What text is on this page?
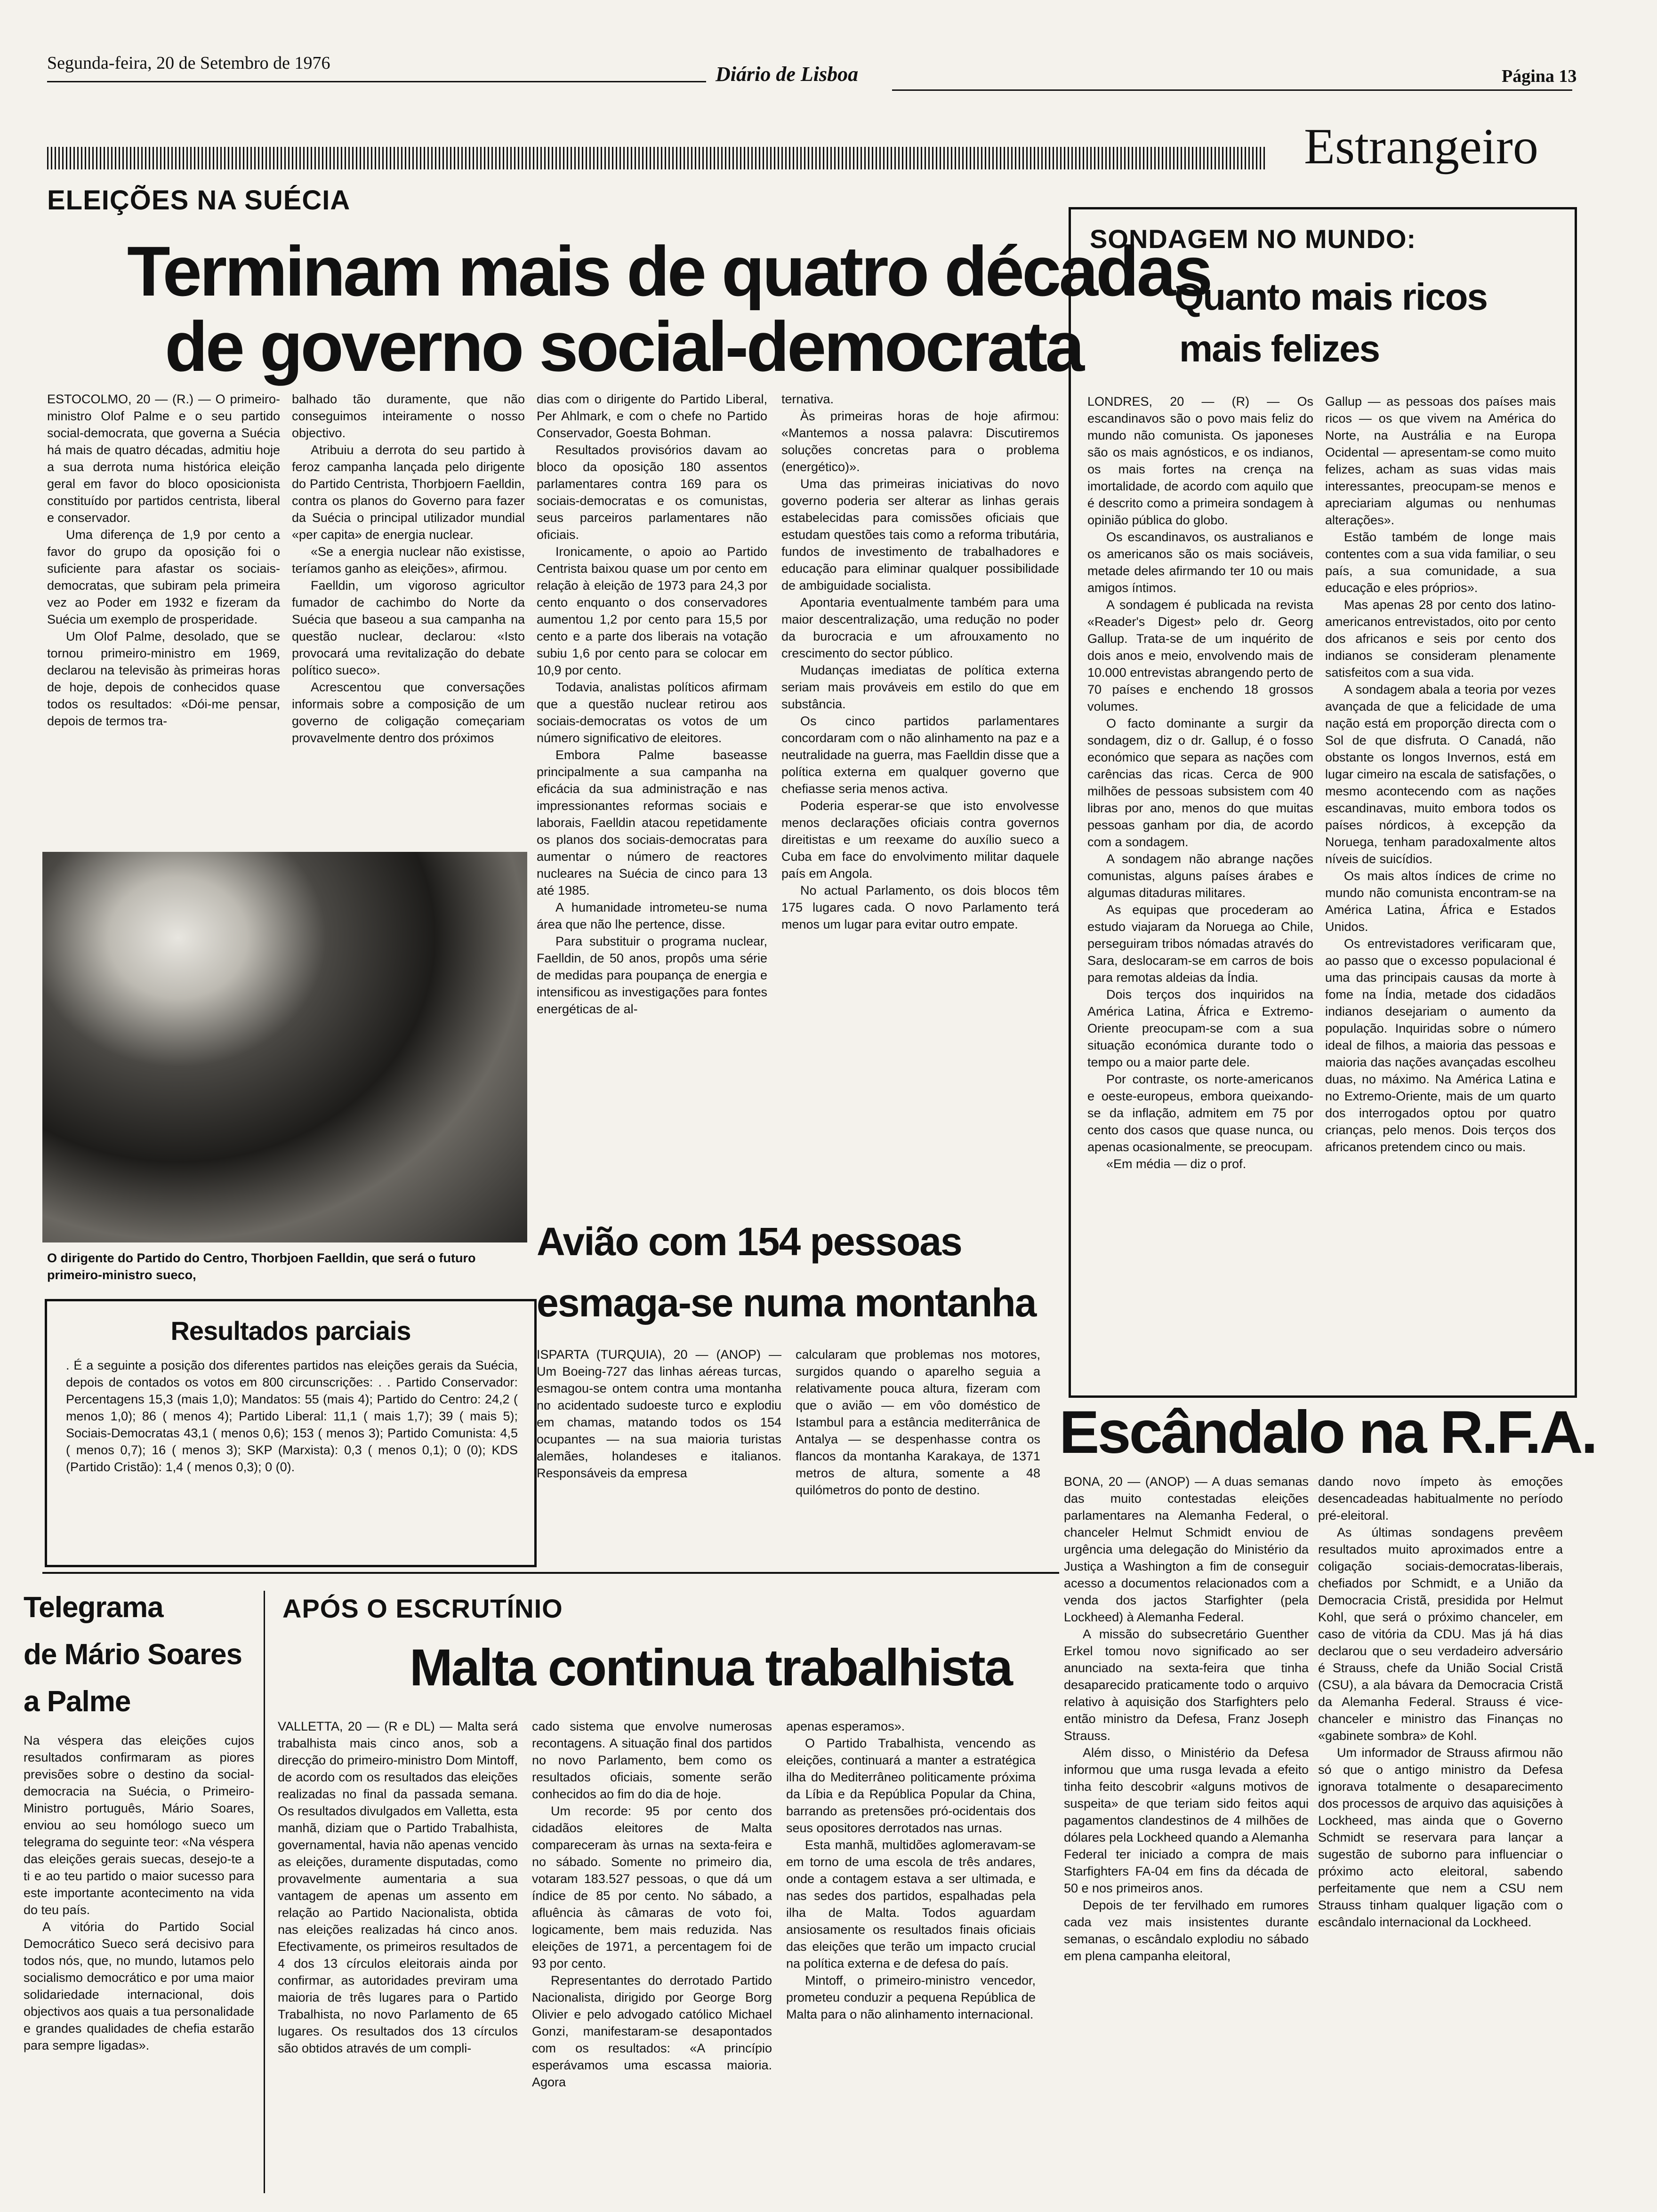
Segunda-feira, 20 de Setembro de 1976	Diário de Lisboa	Página 13
Estrangeiro
ELEIÇÕES NA SUÉCIA
Terminam mais de quatro décadas
de governo social-democrata

ESTOCOLMO, 20 — (R.) — O primeiro-ministro Olof Palme e o seu partido social-democrata, que governa a Suécia há mais de quatro décadas, admitiu hoje a sua derrota numa histórica eleição geral em favor do bloco oposicionista constituído por partidos centrista, liberal e conservador.

Uma diferença de 1,9 por cento a favor do grupo da oposição foi o suficiente para afastar os sociais-democratas, que subiram pela primeira vez ao Poder em 1932 e fizeram da Suécia um exemplo de prosperidade.

Um Olof Palme, desolado, que se tornou primeiro-ministro em 1969, declarou na televisão às primeiras horas de hoje, depois de conhecidos quase todos os resultados: «Dói-me pensar, depois de termos tra-

balhado tão duramente, que não conseguimos inteiramente o nosso objectivo.

Atribuiu a derrota do seu partido à feroz campanha lançada pelo dirigente do Partido Centrista, Thorbjoern Faelldin, contra os planos do Governo para fazer da Suécia o principal utilizador mundial «per capita» de energia nuclear.

«Se a energia nuclear não existisse, teríamos ganho as eleições», afirmou.

Faelldin, um vigoroso agricultor fumador de cachimbo do Norte da Suécia que baseou a sua campanha na questão nuclear, declarou: «Isto provocará uma revitalização do debate político sueco».

Acrescentou que conversações informais sobre a composição de um governo de coligação começariam provavelmente dentro dos próximos

dias com o dirigente do Partido Liberal, Per Ahlmark, e com o chefe no Partido Conservador, Goesta Bohman.

Resultados provisórios davam ao bloco da oposição 180 assentos parlamentares contra 169 para os sociais-democratas e os comunistas, seus parceiros parlamentares não oficiais.

Ironicamente, o apoio ao Partido Centrista baixou quase um por cento em relação à eleição de 1973 para 24,3 por cento enquanto o dos conservadores aumentou 1,2 por cento para 15,5 por cento e a parte dos liberais na votação subiu 1,6 por cento para se colocar em 10,9 por cento.

Todavia, analistas políticos afirmam que a questão nuclear retirou aos sociais-democratas os votos de um número significativo de eleitores.

Embora Palme baseasse principalmente a sua campanha na eficácia da sua administração e nas impressionantes reformas sociais e laborais, Faelldin atacou repetidamente os planos dos sociais-democratas para aumentar o número de reactores nucleares na Suécia de cinco para 13 até 1985.

A humanidade intrometeu-se numa área que não lhe pertence, disse.

Para substituir o programa nuclear, Faelldin, de 50 anos, propôs uma série de medidas para poupança de energia e intensificou as investigações para fontes energéticas de al-

ternativa.

Às primeiras horas de hoje afirmou: «Mantemos a nossa palavra: Discutiremos soluções concretas para o problema (energético)».

Uma das primeiras iniciativas do novo governo poderia ser alterar as linhas gerais estabelecidas para comissões oficiais que estudam questões tais como a reforma tributária, fundos de investimento de trabalhadores e educação para eliminar qualquer possibilidade de ambiguidade socialista.

Apontaria eventualmente também para uma maior descentralização, uma redução no poder da burocracia e um afrouxamento no crescimento do sector público.

Mudanças imediatas de política externa seriam mais prováveis em estilo do que em substância.

Os cinco partidos parlamentares concordaram com o não alinhamento na paz e a neutralidade na guerra, mas Faelldin disse que a política externa em qualquer governo que chefiasse seria menos activa.

Poderia esperar-se que isto envolvesse menos declarações oficiais contra governos direitistas e um reexame do auxílio sueco a Cuba em face do envolvimento militar daquele país em Angola.

No actual Parlamento, os dois blocos têm 175 lugares cada. O novo Parlamento terá menos um lugar para evitar outro empate.

O dirigente do Partido do Centro, Thorbjoen Faelldin, que será o futuro primeiro-ministro sueco,
Resultados parciais
. É a seguinte a posição dos diferentes partidos nas eleições gerais da Suécia, depois de contados os votos em 800 circunscrições: . . Partido Conservador: Percentagens 15,3 (mais 1,0); Mandatos: 55 (mais 4); Partido do Centro: 24,2 ( menos 1,0); 86 ( menos 4); Partido Liberal: 11,1 ( mais 1,7); 39 ( mais 5); Sociais-Democratas 43,1 ( menos 0,6); 153 ( menos 3); Partido Comunista: 4,5 ( menos 0,7); 16 ( menos 3); SKP (Marxista): 0,3 ( menos 0,1); 0 (0); KDS (Partido Cristão): 1,4 ( menos 0,3); 0 (0).
Avião com 154 pessoas
esmaga-se numa montanha
ISPARTA (TURQUIA), 20 — (ANOP) — Um Boeing-727 das linhas aéreas turcas, esmagou-se ontem contra uma montanha no acidentado sudoeste turco e explodiu em chamas, matando todos os 154 ocupantes — na sua maioria turistas alemães, holandeses e italianos. Responsáveis da empresa
calcularam que problemas nos motores, surgidos quando o aparelho seguia a relativamente pouca altura, fizeram com que o avião — em vôo doméstico de Istambul para a estância mediterrânica de Antalya — se despenhasse contra os flancos da montanha Karakaya, de 1371 metros de altura, somente a 48 quilómetros do ponto de destino.
SONDAGEM NO MUNDO:
Quanto mais ricos
mais felizes

LONDRES, 20 — (R) — Os escandinavos são o povo mais feliz do mundo não comunista. Os japoneses são os mais agnósticos, e os indianos, os mais fortes na crença na imortalidade, de acordo com aquilo que é descrito como a primeira sondagem à opinião pública do globo.

Os escandinavos, os australianos e os americanos são os mais sociáveis, metade deles afirmando ter 10 ou mais amigos íntimos.

A sondagem é publicada na revista «Reader's Digest» pelo dr. Georg Gallup. Trata-se de um inquérito de dois anos e meio, envolvendo mais de 10.000 entrevistas abrangendo perto de 70 países e enchendo 18 grossos volumes.

O facto dominante a surgir da sondagem, diz o dr. Gallup, é o fosso económico que separa as nações com carências das ricas. Cerca de 900 milhões de pessoas subsistem com 40 libras por ano, menos do que muitas pessoas ganham por dia, de acordo com a sondagem.

A sondagem não abrange nações comunistas, alguns países árabes e algumas ditaduras militares.

As equipas que procederam ao estudo viajaram da Noruega ao Chile, perseguiram tribos nómadas através do Sara, deslocaram-se em carros de bois para remotas aldeias da Índia.

Dois terços dos inquiridos na América Latina, África e Extremo-Oriente preocupam-se com a sua situação económica durante todo o tempo ou a maior parte dele.

Por contraste, os norte-americanos e oeste-europeus, embora queixando-se da inflação, admitem em 75 por cento dos casos que quase nunca, ou apenas ocasionalmente, se preocupam.

«Em média — diz o prof.

Gallup — as pessoas dos países mais ricos — os que vivem na América do Norte, na Austrália e na Europa Ocidental — apresentam-se como muito felizes, acham as suas vidas mais interessantes, preocupam-se menos e apreciariam algumas ou nenhumas alterações».

Estão também de longe mais contentes com a sua vida familiar, o seu país, a sua comunidade, a sua educação e eles próprios».

Mas apenas 28 por cento dos latino-americanos entrevistados, oito por cento dos africanos e seis por cento dos indianos se consideram plenamente satisfeitos com a sua vida.

A sondagem abala a teoria por vezes avançada de que a felicidade de uma nação está em proporção directa com o Sol de que disfruta. O Canadá, não obstante os longos Invernos, está em lugar cimeiro na escala de satisfações, o mesmo acontecendo com as nações escandinavas, muito embora todos os países nórdicos, à excepção da Noruega, tenham paradoxalmente altos níveis de suicídios.

Os mais altos índices de crime no mundo não comunista encontram-se na América Latina, África e Estados Unidos.

Os entrevistadores verificaram que, ao passo que o excesso populacional é uma das principais causas da morte à fome na Índia, metade dos cidadãos indianos desejariam o aumento da população. Inquiridas sobre o número ideal de filhos, a maioria das pessoas e maioria das nações avançadas escolheu duas, no máximo. Na América Latina e no Extremo-Oriente, mais de um quarto dos interrogados optou por quatro crianças, pelo menos. Dois terços dos africanos pretendem cinco ou mais.

Escândalo na R.F.A.

BONA, 20 — (ANOP) — A duas semanas das muito contestadas eleições parlamentares na Alemanha Federal, o chanceler Helmut Schmidt enviou de urgência uma delegação do Ministério da Justiça a Washington a fim de conseguir acesso a documentos relacionados com a venda dos jactos Starfighter (pela Lockheed) à Alemanha Federal.

A missão do subsecretário Guenther Erkel tomou novo significado ao ser anunciado na sexta-feira que tinha desaparecido praticamente todo o arquivo relativo à aquisição dos Starfighters pelo então ministro da Defesa, Franz Joseph Strauss.

Além disso, o Ministério da Defesa informou que uma rusga levada a efeito tinha feito descobrir «alguns motivos de suspeita» de que teriam sido feitos aqui pagamentos clandestinos de 4 milhões de dólares pela Lockheed quando a Alemanha Federal ter iniciado a compra de mais Starfighters FA-04 em fins da década de 50 e nos primeiros anos.

Depois de ter fervilhado em rumores cada vez mais insistentes durante semanas, o escândalo explodiu no sábado em plena campanha eleitoral,

dando novo ímpeto às emoções desencadeadas habitualmente no período pré-eleitoral.

As últimas sondagens prevêem resultados muito aproximados entre a coligação sociais-democratas-liberais, chefiados por Schmidt, e a União da Democracia Cristã, presidida por Helmut Kohl, que será o próximo chanceler, em caso de vitória da CDU. Mas já há dias declarou que o seu verdadeiro adversário é Strauss, chefe da União Social Cristã (CSU), a ala bávara da Democracia Cristã da Alemanha Federal. Strauss é vice-chanceler e ministro das Finanças no «gabinete sombra» de Kohl.

Um informador de Strauss afirmou não só que o antigo ministro da Defesa ignorava totalmente o desaparecimento dos processos de arquivo das aquisições à Lockheed, mas ainda que o Governo Schmidt se reservara para lançar a sugestão de suborno para influenciar o próximo acto eleitoral, sabendo perfeitamente que nem a CSU nem Strauss tinham qualquer ligação com o escândalo internacional da Lockheed.

Telegrama
de Mário Soares
a Palme

Na véspera das eleições cujos resultados confirmaram as piores previsões sobre o destino da social-democracia na Suécia, o Primeiro-Ministro português, Mário Soares, enviou ao seu homólogo sueco um telegrama do seguinte teor: «Na véspera das eleições gerais suecas, desejo-te a ti e ao teu partido o maior sucesso para este importante acontecimento na vida do teu país.

A vitória do Partido Social Democrático Sueco será decisivo para todos nós, que, no mundo, lutamos pelo socialismo democrático e por uma maior solidariedade internacional, dois objectivos aos quais a tua personalidade e grandes qualidades de chefia estarão para sempre ligadas».

APÓS O ESCRUTÍNIO
Malta continua trabalhista

VALLETTA, 20 — (R e DL) — Malta será trabalhista mais cinco anos, sob a direcção do primeiro-ministro Dom Mintoff, de acordo com os resultados das eleições realizadas no final da passada semana. Os resultados divulgados em Valletta, esta manhã, diziam que o Partido Trabalhista, governamental, havia não apenas vencido as eleições, duramente disputadas, como provavelmente aumentaria a sua vantagem de apenas um assento em relação ao Partido Nacionalista, obtida nas eleições realizadas há cinco anos. Efectivamente, os primeiros resultados de 4 dos 13 círculos eleitorais ainda por confirmar, as autoridades previram uma maioria de três lugares para o Partido Trabalhista, no novo Parlamento de 65 lugares. Os resultados dos 13 círculos são obtidos através de um compli-

cado sistema que envolve numerosas recontagens. A situação final dos partidos no novo Parlamento, bem como os resultados oficiais, somente serão conhecidos ao fim do dia de hoje.

Um recorde: 95 por cento dos cidadãos eleitores de Malta compareceram às urnas na sexta-feira e no sábado. Somente no primeiro dia, votaram 183.527 pessoas, o que dá um índice de 85 por cento. No sábado, a afluência às câmaras de voto foi, logicamente, bem mais reduzida. Nas eleições de 1971, a percentagem foi de 93 por cento.

Representantes do derrotado Partido Nacionalista, dirigido por George Borg Olivier e pelo advogado católico Michael Gonzi, manifestaram-se desapontados com os resultados: «A princípio esperávamos uma escassa maioria. Agora

apenas esperamos».

O Partido Trabalhista, vencendo as eleições, continuará a manter a estratégica ilha do Mediterrâneo politicamente próxima da Líbia e da República Popular da China, barrando as pretensões pró-ocidentais dos seus opositores derrotados nas urnas.

Esta manhã, multidões aglomeravam-se em torno de uma escola de três andares, onde a contagem estava a ser ultimada, e nas sedes dos partidos, espalhadas pela ilha de Malta. Todos aguardam ansiosamente os resultados finais oficiais das eleições que terão um impacto crucial na política externa e de defesa do país.

Mintoff, o primeiro-ministro vencedor, prometeu conduzir a pequena República de Malta para o não alinhamento internacional.
